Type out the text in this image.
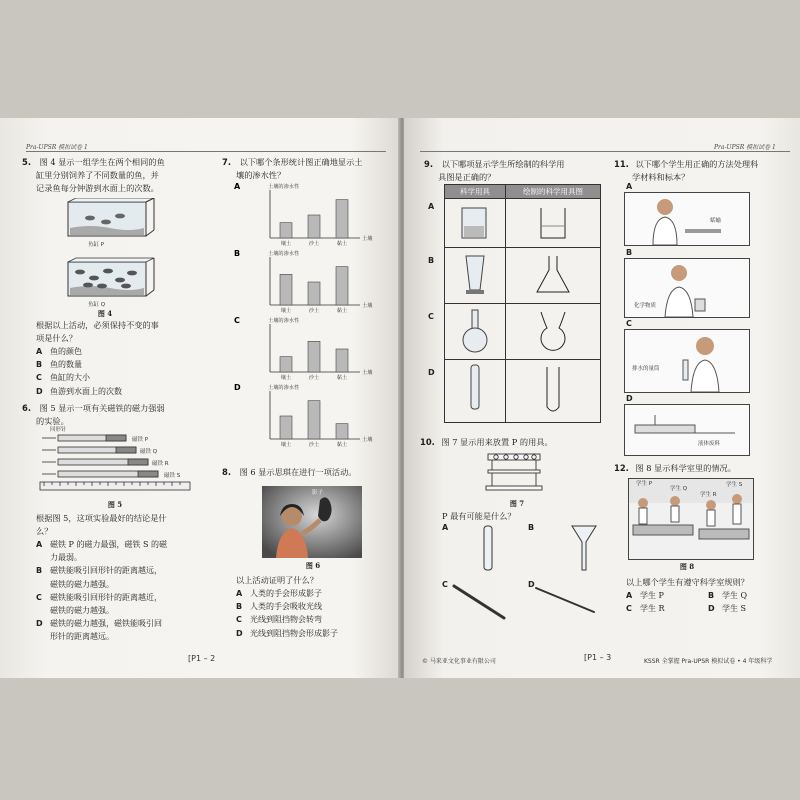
Pra-UPSR 模拟试卷 1
5. 图 4 显示一组学生在两个相同的鱼
缸里分别饲养了不同数量的鱼，并
记录鱼每分钟游到水面上的次数。
鱼缸 P
鱼缸 Q
图 4
根据以上活动，必须保持不变的事
项是什么？
A 鱼的颜色
B 鱼的数量
C 鱼缸的大小
D 鱼游到水面上的次数
6. 图 5 显示一项有关磁铁的磁力强弱
的实验。
回形针
磁铁 P
磁铁 Q
磁铁 R
磁铁 S
图 5
根据图 5，这项实验最好的结论是什
么？
A 磁铁 P 的磁力最强，磁铁 S 的磁
力最弱。
B 磁铁能吸引回形针的距离越远，
磁铁的磁力越强。
C 磁铁能吸引回形针的距离越近，
磁铁的磁力越强。
D 磁铁的磁力越强，磁铁能吸引回
形针的距离越远。
7. 以下哪个条形统计图正确地显示土
壤的渗水性？
A	土壤的渗水性
土壤
壤土	沙土	黏土
B	土壤的渗水性
土壤
壤土	沙土	黏土
C	土壤的渗水性
土壤
壤土	沙土	黏土
D	土壤的渗水性
土壤
壤土	沙土	黏土
8. 图 6 显示思琪在进行一项活动。
影子
图 6
以上活动证明了什么？
A 人类的手会形成影子
B 人类的手会吸收光线
C 光线到阻挡物会转弯
D 光线到阻挡物会形成影子
[P1 – 2
Pra-UPSR 模拟试卷 1
9. 以下哪项显示学生所绘制的科学用
具图是正确的？
科学用具	绘制的科学用具图

A
B
C
D
10. 图 7 显示用来放置 P 的用具。
图 7
P 最有可能是什么？
A	B
C	D
11. 以下哪个学生用正确的方法处理科
学材料和标本？
A
蛞蝓
B
化学物质
C
排水的量筒
D
液体废料
12. 图 8 显示科学室里的情况。
学生 P
学生 Q
学生 R
学生 S
图 8
以上哪个学生有遵守科学室规则？
A 学生 P	B 学生 Q
C 学生 R	D 学生 S
© 马来亚文化事业有限公司	[P1 – 3	KSSR 全掌握 Pra-UPSR 模拟试卷 • 4 年级科学
